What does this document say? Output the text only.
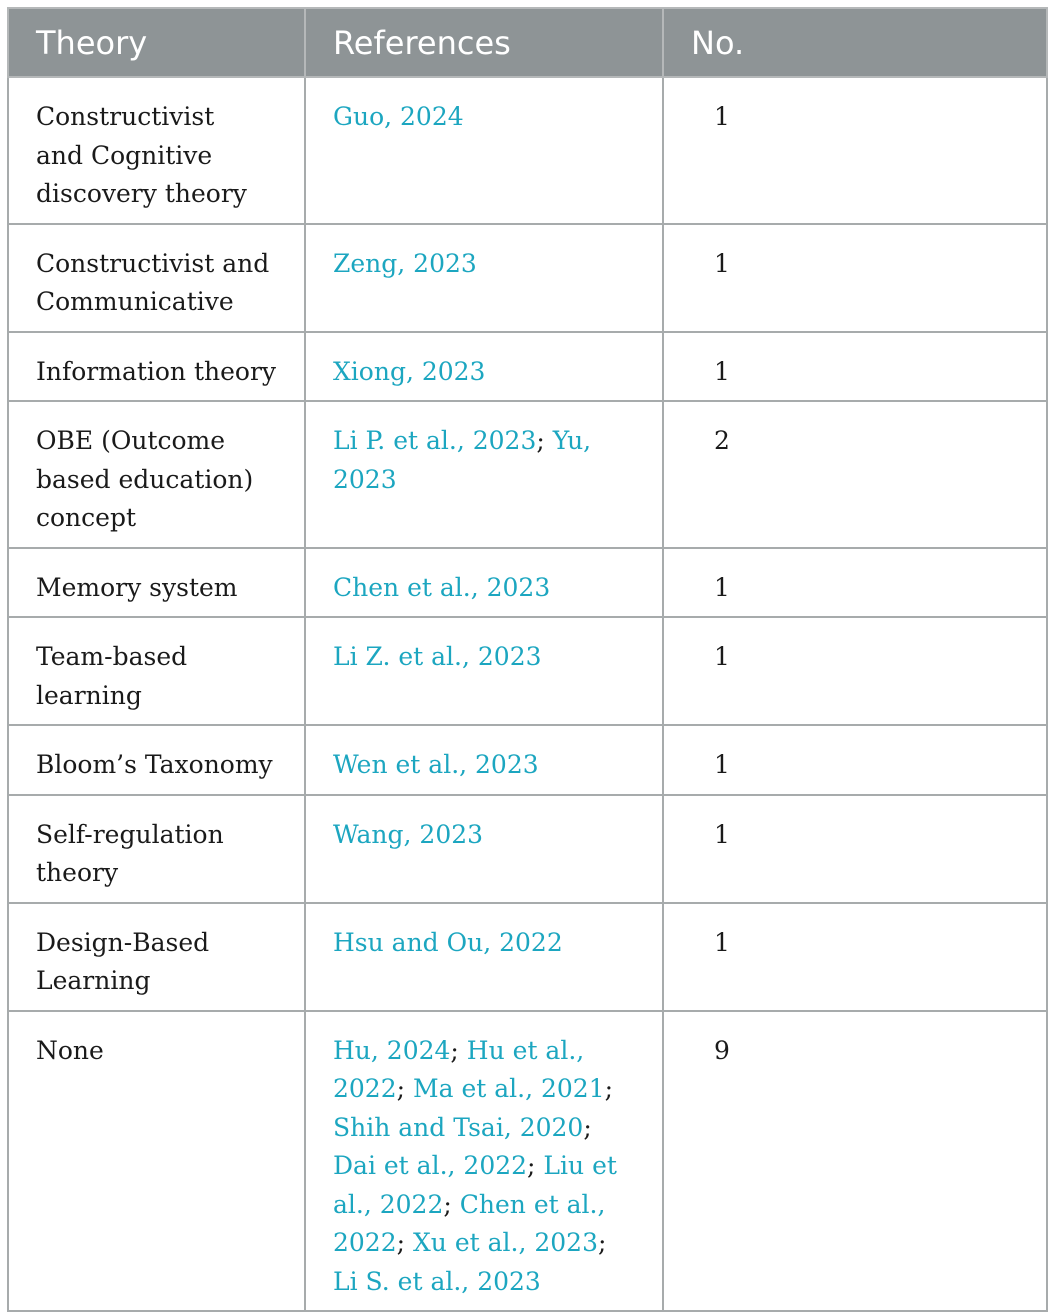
Theory	References	No.
Constructivist and Cognitive discovery theory	Guo, 2024	1
Constructivist and Communicative	Zeng, 2023	1
Information theory	Xiong, 2023	1
OBE (Outcome based education) concept	Li P. et al., 2023; Yu, 2023	2
Memory system	Chen et al., 2023	1
Team-based learning	Li Z. et al., 2023	1
Bloom’s Taxonomy	Wen et al., 2023	1
Self-regulation theory	Wang, 2023	1
Design-Based Learning	Hsu and Ou, 2022	1
None	Hu, 2024; Hu et al., 2022; Ma et al., 2021; Shih and Tsai, 2020; Dai et al., 2022; Liu et al., 2022; Chen et al., 2022; Xu et al., 2023; Li S. et al., 2023	9
